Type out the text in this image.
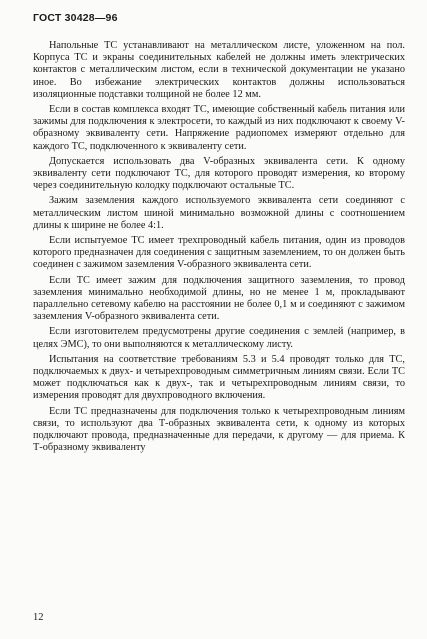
ГОСТ 30428—96

Напольные ТС устанавливают на металлическом листе, уложенном на пол. Корпуса ТС и экраны соединительных кабелей не должны иметь электрических контактов с металлическим листом, если в технической документации не указано иное. Во избежание электрических контактов должны использоваться изоляционные подставки толщиной не более 12 мм.

Если в состав комплекса входят ТС, имеющие собственный кабель питания или зажимы для подключения к электросети, то каждый из них подключают к своему V-образному эквиваленту сети. Напряжение радиопомех измеряют отдельно для каждого ТС, подключенного к эквиваленту сети.

Допускается использовать два V-образных эквивалента сети. К одному эквиваленту сети подключают ТС, для которого проводят измерения, ко второму через соединительную колодку подключают остальные ТС.

Зажим заземления каждого используемого эквивалента сети соединяют с металлическим листом шиной минимально возможной длины с соотношением длины к ширине не более 4:1.

Если испытуемое ТС имеет трехпроводный кабель питания, один из проводов которого предназначен для соединения с защитным заземлением, то он должен быть соединен с зажимом заземления V-образного эквивалента сети.

Если ТС имеет зажим для подключения защитного заземления, то провод заземления минимально необходимой длины, но не менее 1 м, прокладывают параллельно сетевому кабелю на расстоянии не более 0,1 м и соединяют с зажимом заземления V-образного эквивалента сети.

Если изготовителем предусмотрены другие соединения с землей (например, в целях ЭМС), то они выполняются к металлическому листу.

Испытания на соответствие требованиям 5.3 и 5.4 проводят только для ТС, подключаемых к двух- и четырехпроводным симметричным линиям связи. Если ТС может подключаться как к двух-, так и четырехпроводным линиям связи, то измерения проводят для двухпроводного включения.

Если ТС предназначены для подключения только к четырехпроводным линиям связи, то используют два Т-образных эквивалента сети, к одному из которых подключают провода, предназначенные для передачи, к другому — для приема. К Т-образному эквиваленту

12
